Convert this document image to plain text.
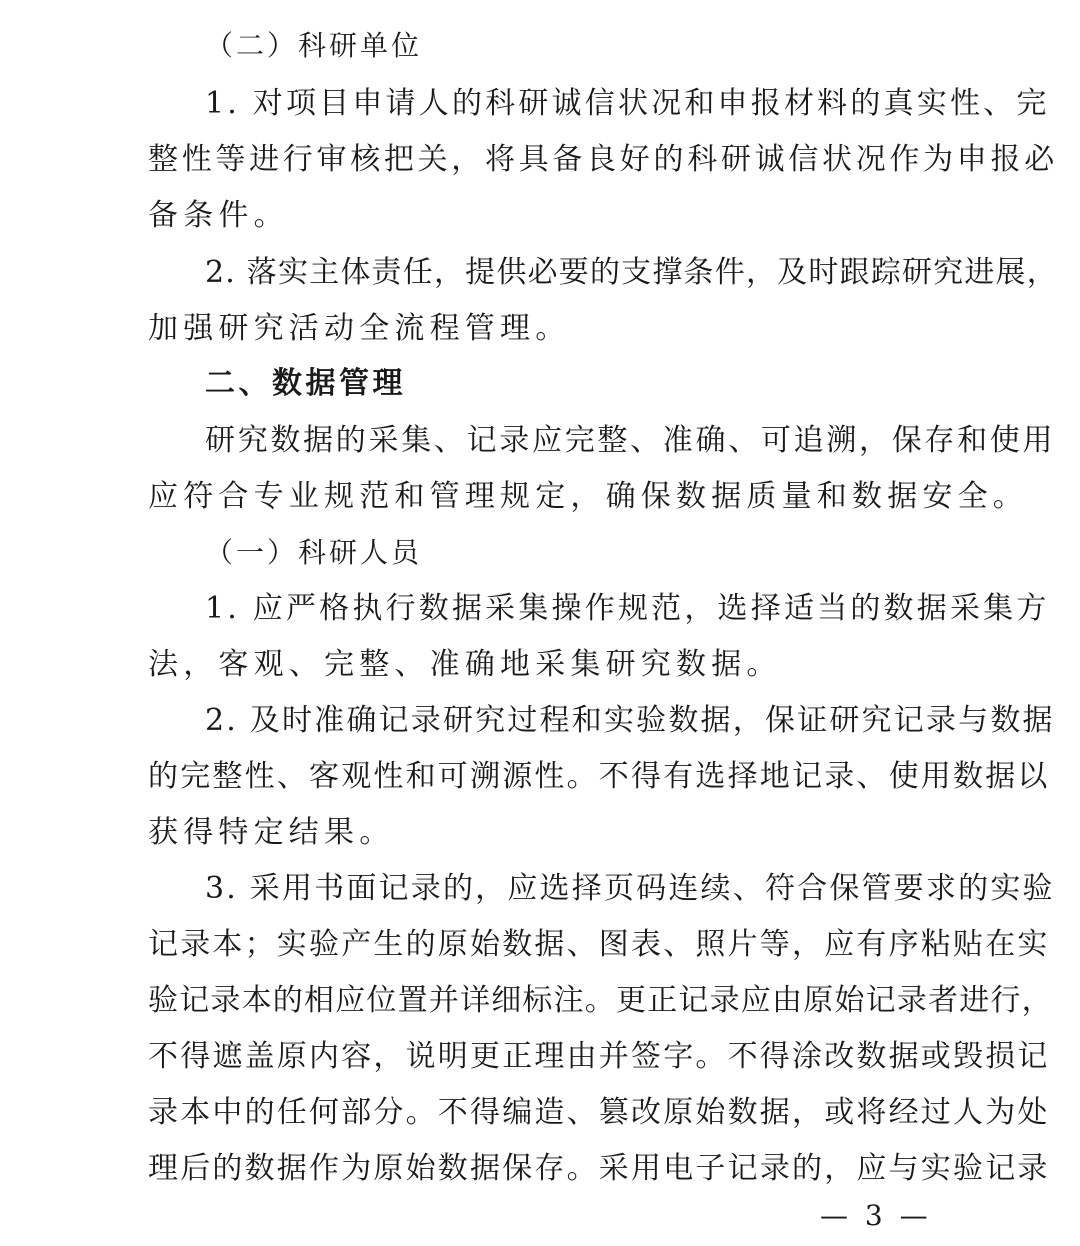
（二）科研单位
1. 对项目申请人的科研诚信状况和申报材料的真实性、完
整性等进行审核把关，将具备良好的科研诚信状况作为申报必
备条件。
2. 落实主体责任，提供必要的支撑条件，及时跟踪研究进展，
加强研究活动全流程管理。
二、数据管理
研究数据的采集、记录应完整、准确、可追溯，保存和使用
应符合专业规范和管理规定，确保数据质量和数据安全。
（一）科研人员
1. 应严格执行数据采集操作规范，选择适当的数据采集方
法，客观、完整、准确地采集研究数据。
2. 及时准确记录研究过程和实验数据，保证研究记录与数据
的完整性、客观性和可溯源性。不得有选择地记录、使用数据以
获得特定结果。
3. 采用书面记录的，应选择页码连续、符合保管要求的实验
记录本；实验产生的原始数据、图表、照片等，应有序粘贴在实
验记录本的相应位置并详细标注。更正记录应由原始记录者进行，
不得遮盖原内容，说明更正理由并签字。不得涂改数据或毁损记
录本中的任何部分。不得编造、篡改原始数据，或将经过人为处
理后的数据作为原始数据保存。采用电子记录的，应与实验记录
— 3 —
